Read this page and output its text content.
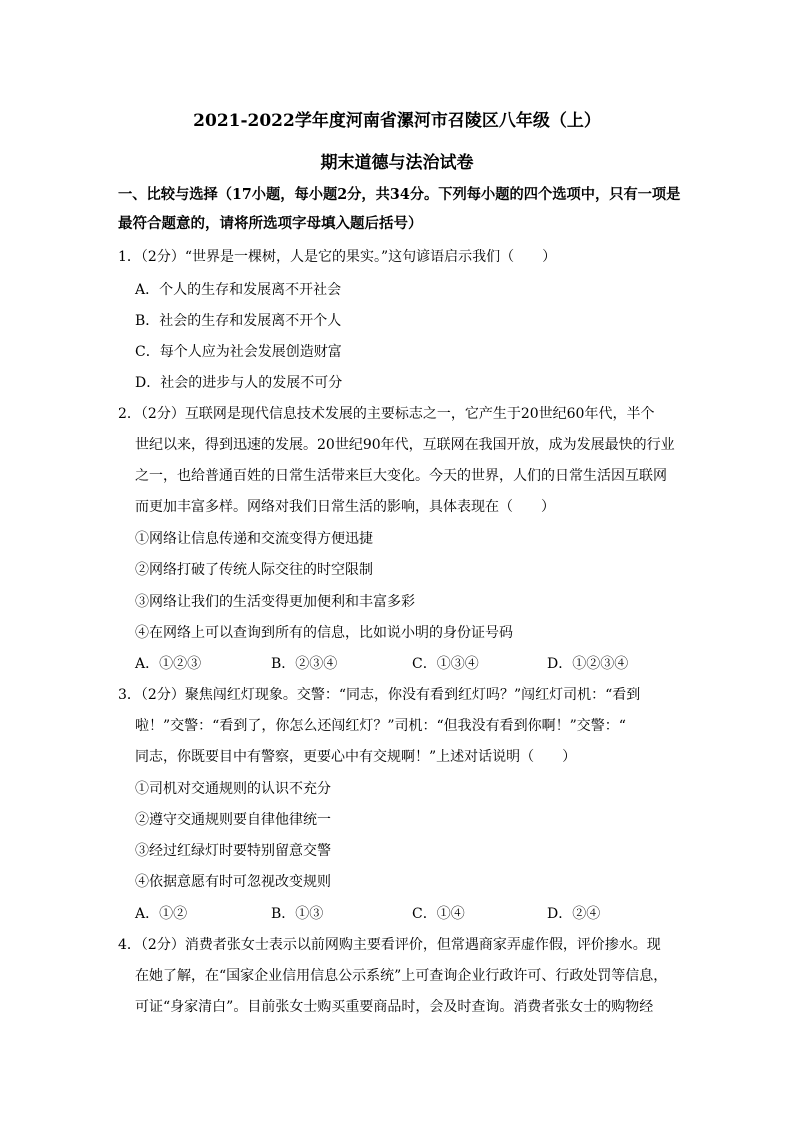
2021-2022学年度河南省漯河市召陵区八年级（上）
期末道德与法治试卷
一、比较与选择（17小题，每小题2分，共34分。下列每小题的四个选项中，只有一项是
最符合题意的，请将所选项字母填入题后括号）
1．（2分）“世界是一棵树，人是它的果实。”这句谚语启示我们（　　）
A．个人的生存和发展离不开社会
B．社会的生存和发展离不开个人
C．每个人应为社会发展创造财富
D．社会的进步与人的发展不可分
2．（2分）互联网是现代信息技术发展的主要标志之一，它产生于20世纪60年代，半个
世纪以来，得到迅速的发展。20世纪90年代，互联网在我国开放，成为发展最快的行业
之一，也给普通百姓的日常生活带来巨大变化。今天的世界，人们的日常生活因互联网
而更加丰富多样。网络对我们日常生活的影响，具体表现在（　　）
①网络让信息传递和交流变得方便迅捷
②网络打破了传统人际交往的时空限制
③网络让我们的生活变得更加便利和丰富多彩
④在网络上可以查询到所有的信息，比如说小明的身份证号码
A．①②③	B．②③④	C．①③④	D．①②③④
3．（2分）聚焦闯红灯现象。交警：“同志，你没有看到红灯吗？”闯红灯司机：“看到
啦！”交警：“看到了，你怎么还闯红灯？”司机：“但我没有看到你啊！”交警：“
同志，你既要目中有警察，更要心中有交规啊！”上述对话说明（　　）
①司机对交通规则的认识不充分
②遵守交通规则要自律他律统一
③经过红绿灯时要特别留意交警
④依据意愿有时可忽视改变规则
A．①②	B．①③	C．①④	D．②④
4．（2分）消费者张女士表示以前网购主要看评价，但常遇商家弄虚作假，评价掺水。现
在她了解，在“国家企业信用信息公示系统”上可查询企业行政许可、行政处罚等信息，
可证“身家清白”。目前张女士购买重要商品时，会及时查询。消费者张女士的购物经
